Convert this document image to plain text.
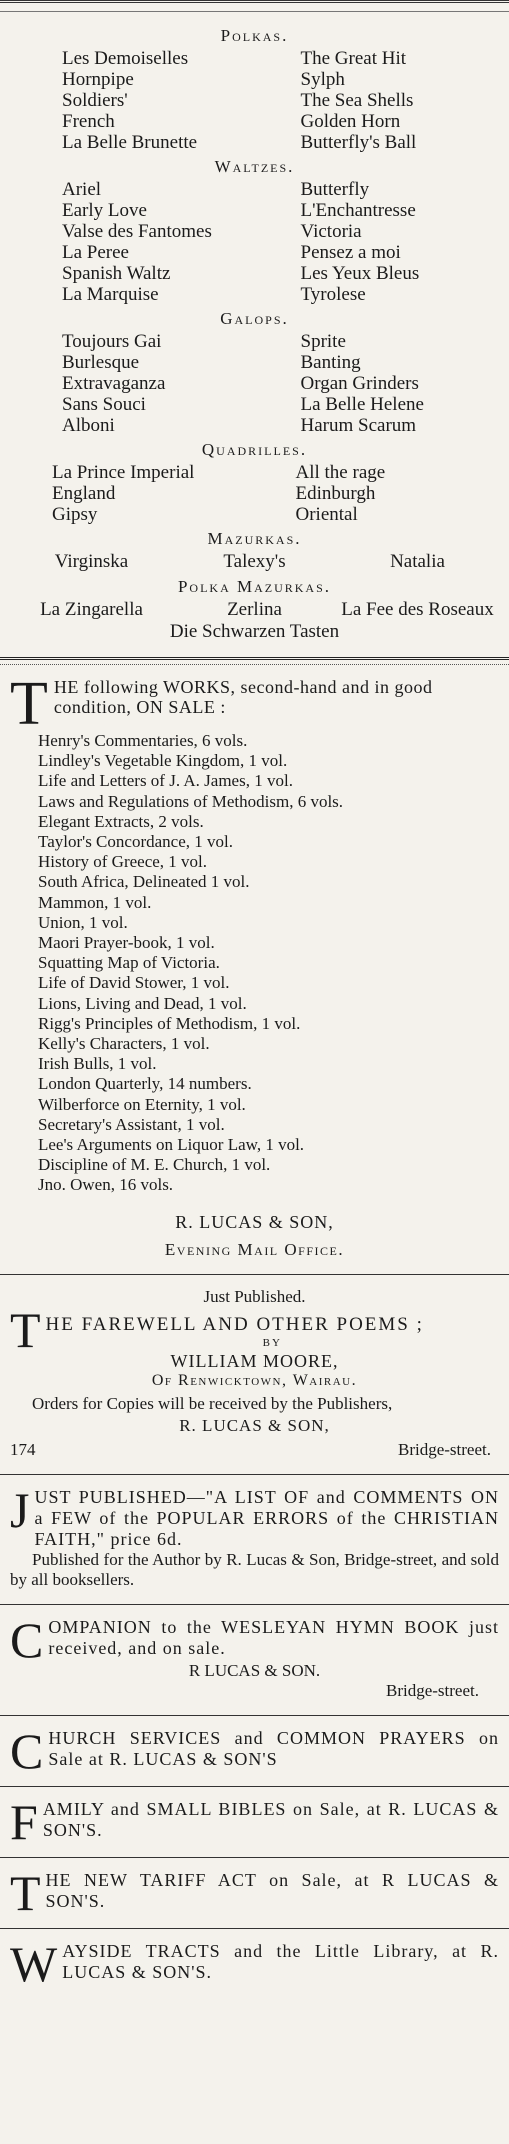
Polkas.
Les Demoiselles	The Great Hit
Hornpipe	Sylph
Soldiers'	The Sea Shells
French	Golden Horn
La Belle Brunette	Butterfly's Ball
Waltzes.
Ariel	Butterfly
Early Love	L'Enchantresse
Valse des Fantomes	Victoria
La Peree	Pensez a moi
Spanish Waltz	Les Yeux Bleus
La Marquise	Tyrolese
Galops.
Toujours Gai	Sprite
Burlesque	Banting
Extravaganza	Organ Grinders
Sans Souci	La Belle Helene
Alboni	Harum Scarum
Quadrilles.
La Prince Imperial	All the rage
England	Edinburgh
Gipsy	Oriental
Mazurkas.
Virginska	Talexy's	Natalia
Polka Mazurkas.
La Zingarella	Zerlina	La Fee des Roseaux
Die Schwarzen Tasten
T HE following WORKS, second-hand and in good condition, ON SALE :
Henry's Commentaries, 6 vols.
Lindley's Vegetable Kingdom, 1 vol.
Life and Letters of J. A. James, 1 vol.
Laws and Regulations of Methodism, 6 vols.
Elegant Extracts, 2 vols.
Taylor's Concordance, 1 vol.
History of Greece, 1 vol.
South Africa, Delineated 1 vol.
Mammon, 1 vol.
Union, 1 vol.
Maori Prayer-book, 1 vol.
Squatting Map of Victoria.
Life of David Stower, 1 vol.
Lions, Living and Dead, 1 vol.
Rigg's Principles of Methodism, 1 vol.
Kelly's Characters, 1 vol.
Irish Bulls, 1 vol.
London Quarterly, 14 numbers.
Wilberforce on Eternity, 1 vol.
Secretary's Assistant, 1 vol.
Lee's Arguments on Liquor Law, 1 vol.
Discipline of M. E. Church, 1 vol.
Jno. Owen, 16 vols.
R. LUCAS & SON,
Evening Mail Office.
Just Published.
T HE FAREWELL AND OTHER POEMS ;
BY
WILLIAM MOORE,
Of Renwicktown, Wairau.
Orders for Copies will be received by the Publishers,
R. LUCAS & SON,
174	Bridge-street.
J UST PUBLISHED—"A LIST OF and COMMENTS ON a FEW of the POPULAR ERRORS of the CHRISTIAN FAITH," price 6d.
Published for the Author by R. Lucas & Son, Bridge-street, and sold by all booksellers.
C OMPANION to the WESLEYAN HYMN BOOK just received, and on sale.
R LUCAS & SON.
Bridge-street.
C HURCH SERVICES and COMMON PRAYERS on Sale at R. LUCAS & SON'S
F AMILY and SMALL BIBLES on Sale, at R. LUCAS & SON'S.
T HE NEW TARIFF ACT on Sale, at R LUCAS & SON'S.
W AYSIDE TRACTS and the Little Library, at R. LUCAS & SON'S.
